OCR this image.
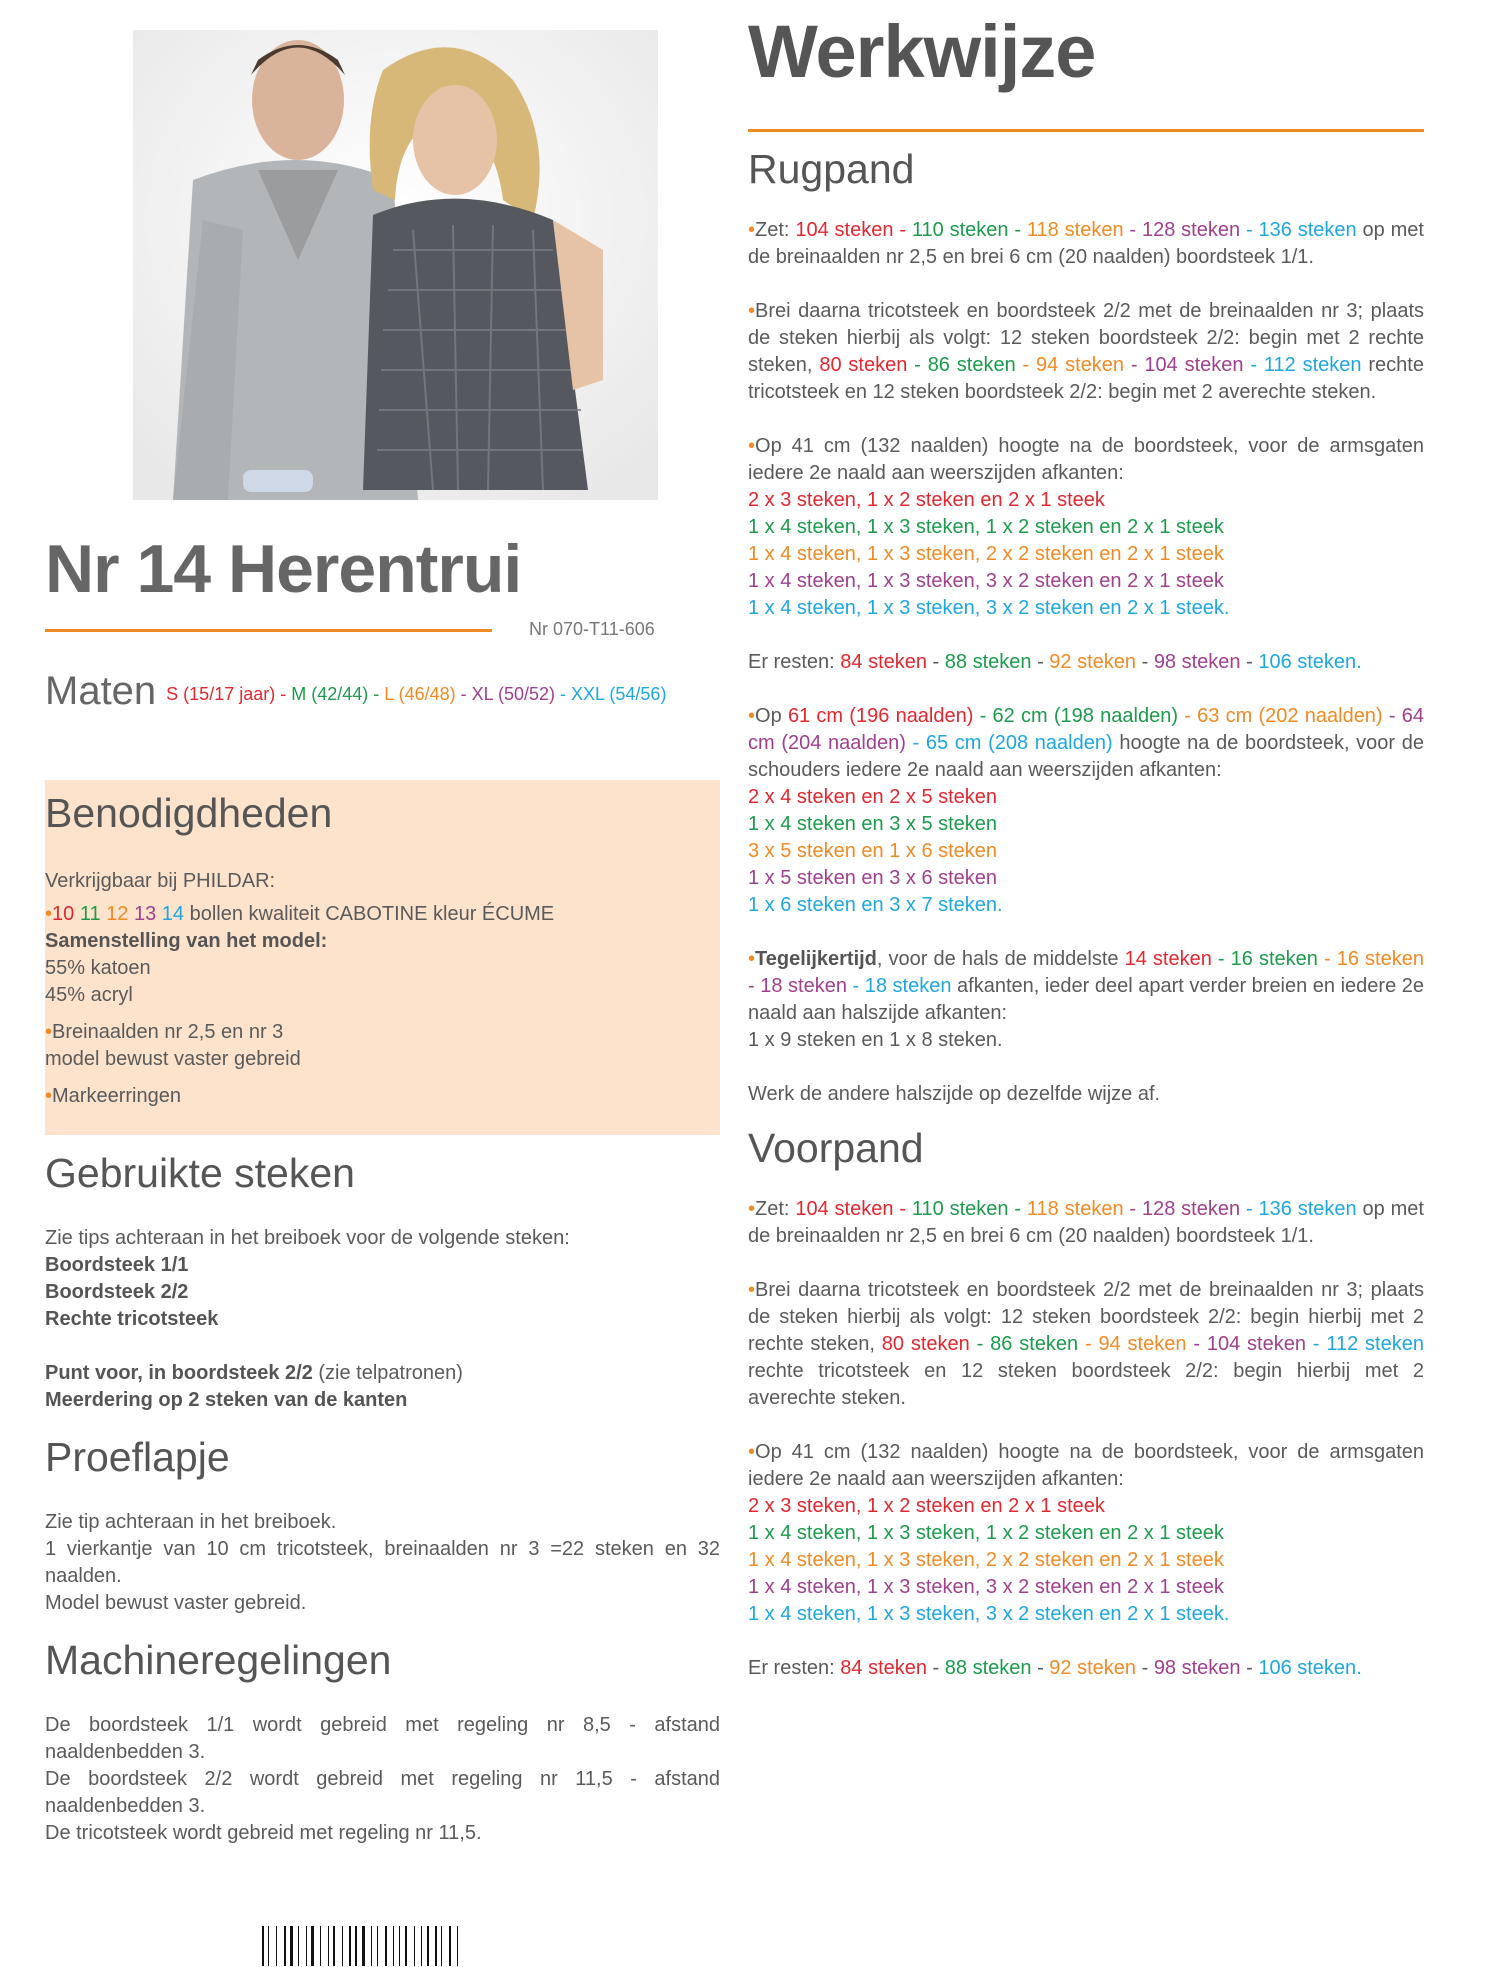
Nr 14 Herentrui
Nr 070-T11-606
Maten S (15/17 jaar) - M (42/44) - L (46/48) - XL (50/52) - XXL (54/56)
Benodigdheden
Verkrijgbaar bij PHILDAR:
•10 11 12 13 14 bollen kwaliteit CABOTINE kleur ÉCUME
Samenstelling van het model:
55% katoen
45% acryl
•Breinaalden nr 2,5 en nr 3
model bewust vaster gebreid
•Markeerringen
Gebruikte steken
Zie tips achteraan in het breiboek voor de volgende steken:
Boordsteek 1/1
Boordsteek 2/2
Rechte tricotsteek
Punt voor, in boordsteek 2/2 (zie telpatronen)
Meerdering op 2 steken van de kanten
Proeflapje
Zie tip achteraan in het breiboek.
1 vierkantje van 10 cm tricotsteek, breinaalden nr 3 =22 steken en 32 naalden.
Model bewust vaster gebreid.
Machineregelingen
De boordsteek 1/1 wordt gebreid met regeling nr 8,5 - afstand naaldenbedden 3.
De boordsteek 2/2 wordt gebreid met regeling nr 11,5 - afstand naaldenbedden 3.
De tricotsteek wordt gebreid met regeling nr 11,5.
Werkwijze
Rugpand
•Zet: 104 steken - 110 steken - 118 steken - 128 steken - 136 steken op met de breinaalden nr 2,5 en brei 6 cm (20 naalden) boordsteek 1/1.
•Brei daarna tricotsteek en boordsteek 2/2 met de breinaalden nr 3; plaats de steken hierbij als volgt: 12 steken boordsteek 2/2: begin met 2 rechte steken, 80 steken - 86 steken - 94 steken - 104 steken - 112 steken rechte tricotsteek en 12 steken boordsteek 2/2: begin met 2 averechte steken.
•Op 41 cm (132 naalden) hoogte na de boordsteek, voor de armsgaten iedere 2e naald aan weerszijden afkanten:
2 x 3 steken, 1 x 2 steken en 2 x 1 steek
1 x 4 steken, 1 x 3 steken, 1 x 2 steken en 2 x 1 steek
1 x 4 steken, 1 x 3 steken, 2 x 2 steken en 2 x 1 steek
1 x 4 steken, 1 x 3 steken, 3 x 2 steken en 2 x 1 steek
1 x 4 steken, 1 x 3 steken, 3 x 2 steken en 2 x 1 steek.
Er resten: 84 steken - 88 steken - 92 steken - 98 steken - 106 steken.
•Op 61 cm (196 naalden) - 62 cm (198 naalden) - 63 cm (202 naalden) - 64 cm (204 naalden) - 65 cm (208 naalden) hoogte na de boordsteek, voor de schouders iedere 2e naald aan weerszijden afkanten:
2 x 4 steken en 2 x 5 steken
1 x 4 steken en 3 x 5 steken
3 x 5 steken en 1 x 6 steken
1 x 5 steken en 3 x 6 steken
1 x 6 steken en 3 x 7 steken.
•Tegelijkertijd, voor de hals de middelste 14 steken - 16 steken - 16 steken - 18 steken - 18 steken afkanten, ieder deel apart verder breien en iedere 2e naald aan halszijde afkanten:
1 x 9 steken en 1 x 8 steken.
Werk de andere halszijde op dezelfde wijze af.
Voorpand
•Zet: 104 steken - 110 steken - 118 steken - 128 steken - 136 steken op met de breinaalden nr 2,5 en brei 6 cm (20 naalden) boordsteek 1/1.
•Brei daarna tricotsteek en boordsteek 2/2 met de breinaalden nr 3; plaats de steken hierbij als volgt: 12 steken boordsteek 2/2: begin hierbij met 2 rechte steken, 80 steken - 86 steken - 94 steken - 104 steken - 112 steken rechte tricotsteek en 12 steken boordsteek 2/2: begin hierbij met 2 averechte steken.
•Op 41 cm (132 naalden) hoogte na de boordsteek, voor de armsgaten iedere 2e naald aan weerszijden afkanten:
2 x 3 steken, 1 x 2 steken en 2 x 1 steek
1 x 4 steken, 1 x 3 steken, 1 x 2 steken en 2 x 1 steek
1 x 4 steken, 1 x 3 steken, 2 x 2 steken en 2 x 1 steek
1 x 4 steken, 1 x 3 steken, 3 x 2 steken en 2 x 1 steek
1 x 4 steken, 1 x 3 steken, 3 x 2 steken en 2 x 1 steek.
Er resten: 84 steken - 88 steken - 92 steken - 98 steken - 106 steken.
